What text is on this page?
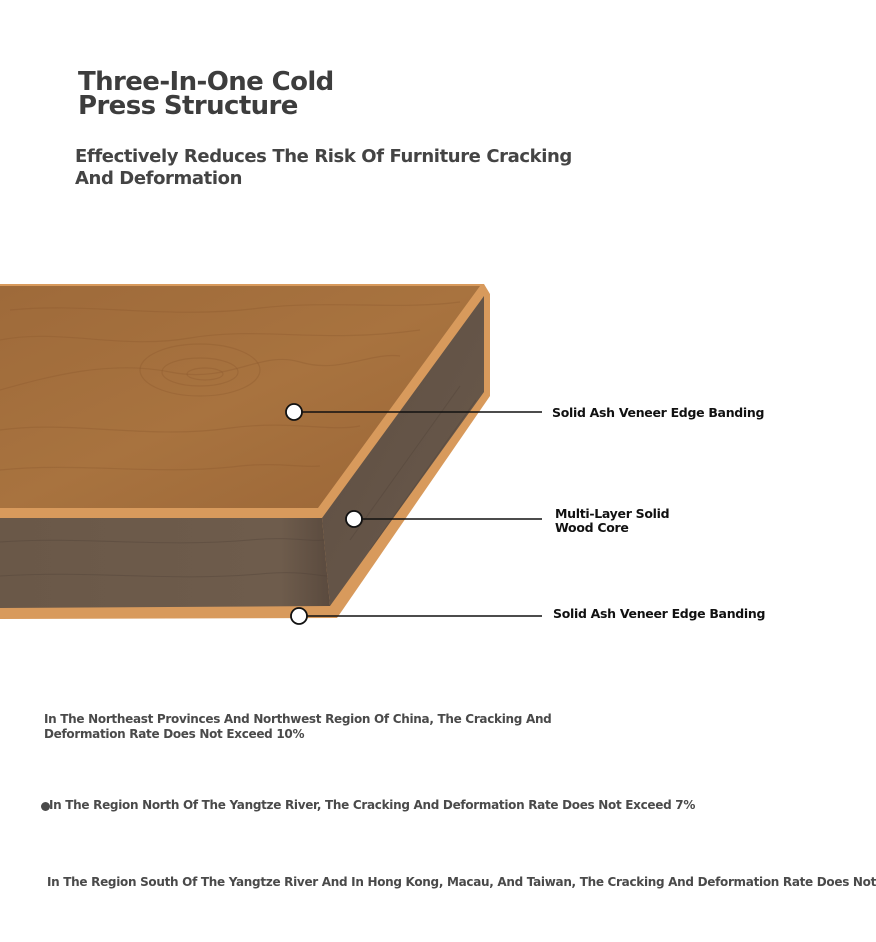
Three-In-One Cold Press Structure
Effectively Reduces The Risk Of Furniture Cracking And Deformation
Solid Ash Veneer Edge Banding
Multi-Layer Solid Wood Core
Solid Ash Veneer Edge Banding
In The Northeast Provinces And Northwest Region Of China, The Cracking And Deformation Rate Does Not Exceed 10%
In The Region North Of The Yangtze River, The Cracking And Deformation Rate Does Not Exceed 7%
In The Region South Of The Yangtze River And In Hong Kong, Macau, And Taiwan, The Cracking And Deformation Rate Does Not
